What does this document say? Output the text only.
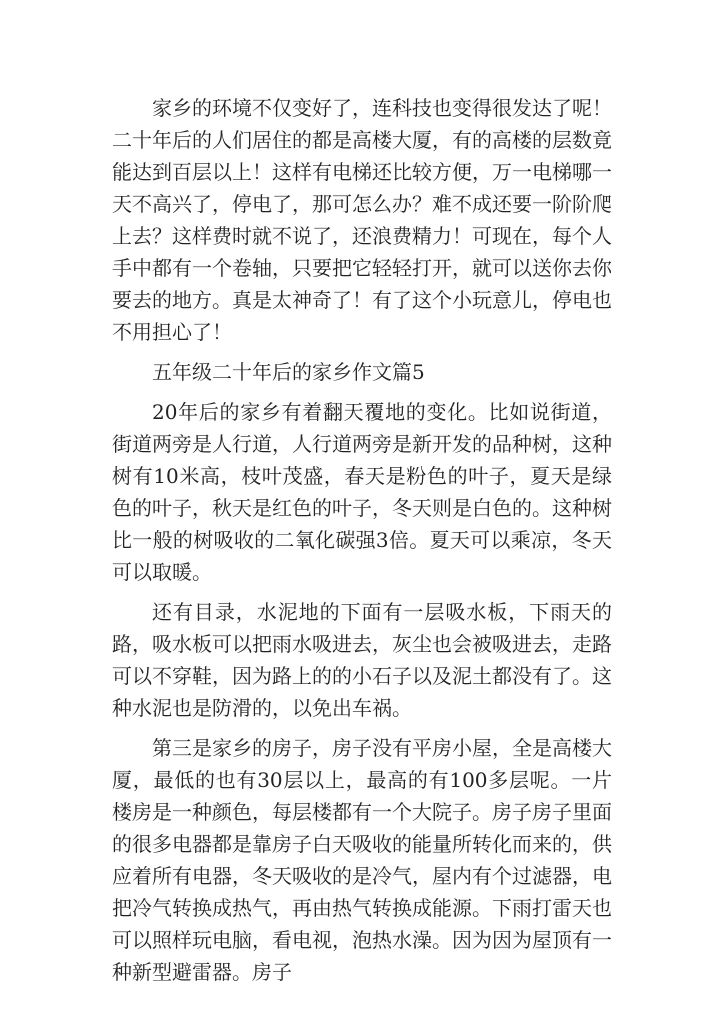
家乡的环境不仅变好了，连科技也变得很发达了呢！二十年后的人们居住的都是高楼大厦，有的高楼的层数竟能达到百层以上！这样有电梯还比较方便，万一电梯哪一天不高兴了，停电了，那可怎么办？难不成还要一阶阶爬上去？这样费时就不说了，还浪费精力！可现在，每个人手中都有一个卷轴，只要把它轻轻打开，就可以送你去你要去的地方。真是太神奇了！有了这个小玩意儿，停电也不用担心了！

五年级二十年后的家乡作文篇5

20年后的家乡有着翻天覆地的变化。比如说街道，街道两旁是人行道，人行道两旁是新开发的品种树，这种树有10米高，枝叶茂盛，春天是粉色的叶子，夏天是绿色的叶子，秋天是红色的叶子，冬天则是白色的。这种树比一般的树吸收的二氧化碳强3倍。夏天可以乘凉，冬天可以取暖。

还有目录，水泥地的下面有一层吸水板，下雨天的路，吸水板可以把雨水吸进去，灰尘也会被吸进去，走路可以不穿鞋，因为路上的的小石子以及泥土都没有了。这种水泥也是防滑的，以免出车祸。

第三是家乡的房子，房子没有平房小屋，全是高楼大厦，最低的也有30层以上，最高的有100多层呢。一片楼房是一种颜色，每层楼都有一个大院子。房子房子里面的很多电器都是靠房子白天吸收的能量所转化而来的，供应着所有电器，冬天吸收的是冷气，屋内有个过滤器，电把冷气转换成热气，再由热气转换成能源。下雨打雷天也可以照样玩电脑，看电视，泡热水澡。因为因为屋顶有一种新型避雷器。房子
